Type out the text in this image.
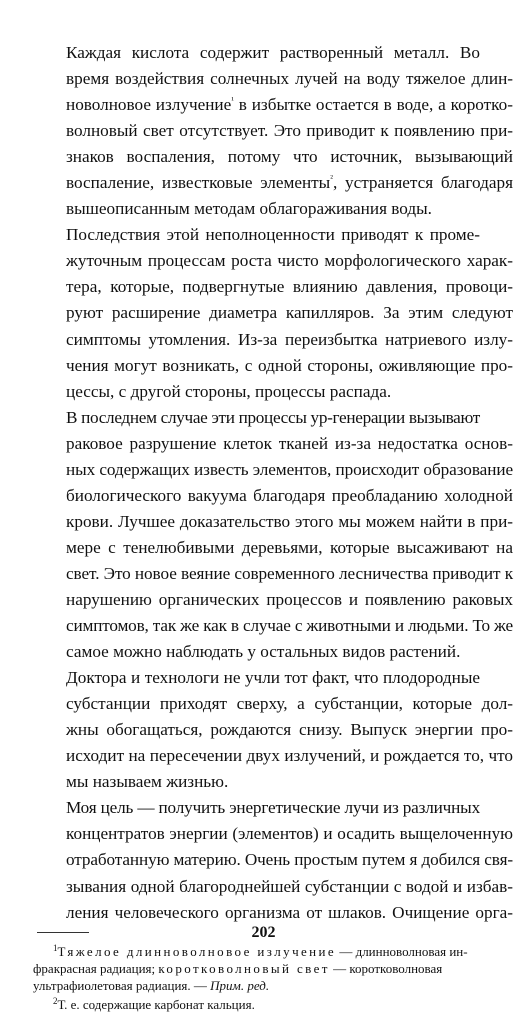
Каждая кислота содержит растворенный металл. Во
время воздействия солнечных лучей на воду тяжелое длин-
новолновое излучение$^{^1}$ в избытке остается в воде, а коротко-
волновый свет отсутствует. Это приводит к появлению при-
знаков воспаления, потому что источник, вызывающий
воспаление, известковые элементы$^{^2}$, устраняется благодаря
вышеописанным методам облагораживания воды.

Последствия этой неполноценности приводят к проме-
жуточным процессам роста чисто морфологического харак-
тера, которые, подвергнутые влиянию давления, провоци-
руют расширение диаметра капилляров. За этим следуют
симптомы утомления. Из-за переизбытка натриевого излу-
чения могут возникать, с одной стороны, оживляющие про-
цессы, с другой стороны, процессы распада.

В последнем случае эти процессы ур-генерации вызывают
раковое разрушение клеток тканей из-за недостатка основ-
ных содержащих известь элементов, происходит образование
биологического вакуума благодаря преобладанию холодной
крови. Лучшее доказательство этого мы можем найти в при-
мере с тенелюбивыми деревьями, которые высаживают на
свет. Это новое веяние современного лесничества приводит к
нарушению органических процессов и появлению раковых
симптомов, так же как в случае с животными и людьми. То же
самое можно наблюдать у остальных видов растений.

Доктора и технологи не учли тот факт, что плодородные
субстанции приходят сверху, а субстанции, которые дол-
жны обогащаться, рождаются снизу. Выпуск энергии про-
исходит на пересечении двух излучений, и рождается то, что
мы называем жизнью.

Моя цель — получить энергетические лучи из различных
концентратов энергии (элементов) и осадить выщелоченную
отработанную материю. Очень простым путем я добился свя-
зывания одной благороднейшей субстанции с водой и избав-
ления человеческого организма от шлаков. Очищение орга-

$^1$Тяжелое длинноволновое излучение — длинноволновая ин-
фракрасная радиация; коротковолновый свет — коротковолновая
ультрафиолетовая радиация. — Прим. ред.

$^2$Т. е. содержащие карбонат кальция.

202
